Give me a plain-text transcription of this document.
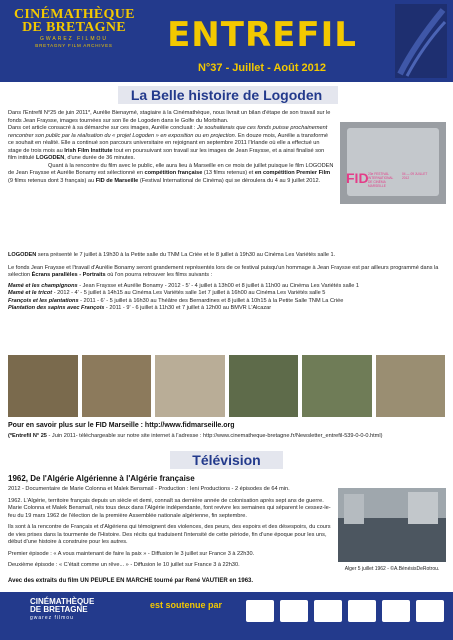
CINÉMATHÈQUE
DE BRETAGNE
GWAREZ FILMOU
BRETAGNY FILM ARCHIVES	ENTREFIL
N°37 - Juillet - Août 2012
La Belle histoire de Logoden
Dans l'Entrefil N°25 de juin 2011*, Aurélie Bienaymé, stagiaire à la Cinémathèque, nous livrait un bilan d'étape de son travail sur le fonds Jean Fraysse, images tournées sur son île de Logoden dans le Golfe du Morbihan.
Dans cet article consacré à sa démarche sur ces images, Aurélie concluait : Je souhaiterais que ces fonds puisse prochainement rencontrer son public par la réalisation du « projet Logoden » en exposition ou en projection. En douze mois, Aurélie a transformé ce souhait en réalité. Elle a continué son parcours universitaire en rejoignant en septembre 2011 l'Irlande où elle a effectué un stage de trois mois au Irish Film Institute tout en poursuivant son travail sur les images de Jean Fraysse, et a ainsi finalisé son film intitulé LOGODEN, d'une durée de 36 minutes.
Quant à la rencontre du film avec le public, elle aura lieu à Marseille en ce mois de juillet puisque le film LOGODEN de Jean Fraysse et Aurélie Bonamy est sélectionné en compétition française (13 films retenus) et en compétition Premier Film (9 films retenus dont 3 français) au FID de Marseille (Festival International de Cinéma) qui se déroulera du 4 au 9 juillet 2012.	FID 23e FESTIVAL INTERNATIONAL DE CINÉMA MARSEILLE
04 — 09 JUILLET 2012
LOGODEN sera présenté le 7 juillet à 19h30 à la Petite salle du TNM La Criée et le 8 juillet à 19h30 au Cinéma Les Variétés salle 1.
Le fonds Jean Fraysse et l'travail d'Aurélie Bonamy seront grandement représentés lors de ce festival puisqu'un hommage à Jean Fraysse est par ailleurs programmé dans la sélection Écrans parallèles - Portraits où l'on pourra retrouver les films suivants :
Mamé et les champignons - Jean Fraysse et Aurélie Bonamy - 2012 - 5' - 4 juillet à 13h00 et 8 juillet à 11h00 au Cinéma Les Variétés salle 1
Mamé et le tricot - 2012 - 4' - 5 juillet à 14h15 au Cinéma Les Variétés salle 1et 7 juillet à 16h00 au Cinéma Les Variétés salle 5
François et les plantations - 2011 - 6' - 5 juillet à 16h30 au Théâtre des Bernardines et 8 juillet à 10h15 à la Petite Salle TNM La Criée
Plantation des sapins avec François - 2011 - 9' - 6 juillet à 11h30 et 7 juillet à 12h00 au BMVR L'Alcazar
Pour en savoir plus sur le FID Marseille : http://www.fidmarseille.org
(*Entrefil N° 25 - Juin 2011- téléchargeable sur notre site internet à l'adresse : http://www.cinematheque-bretagne.fr/Newsletter_entrefil-539-0-0-0.html)
Télévision
1962, De l'Algérie Algérienne à l'Algérie française
2012 - Documentaire de Marie Colonna et Malek Bensmaïl - Production : Ieni Productions - 2 épisodes de 64 min.
1962. L'Algérie, territoire français depuis un siècle et demi, connaît sa dernière année de colonisation après sept ans de guerre. Marie Colonna et Malek Bensmaïl, nés tous deux dans l'Algérie indépendante, font revivre les semaines qui séparent le cessez-le-feu du 19 mars 1962 de l'élection de la première Assemblée nationale algérienne, fin septembre.
Ils sont à la rencontre de Français et d'Algériens qui témoignent des violences, des peurs, des espoirs et des désespoirs, du cours de vies prises dans la tourmente de l'Histoire. Des récits qui traduisent l'intensité de cette période, fin d'une époque pour les uns, début d'une histoire à construire pour les autres.
Premier épisode : « A vous maintenant de faire la paix » - Diffusion le 3 juillet sur France 3 à 22h30.
Deuxième épisode : « C'était comme un rêve... » - Diffusion le 10 juillet sur France 3 à 22h30.
Alger 5 juillet 1962 - ©A.BénésisDeRotrou.
Avec des extraits du film UN PEUPLE EN MARCHE tourné par René VAUTIER en 1963.
CINÉMATHÈQUE
DE BRETAGNE
gwarez filmou
est soutenue par
